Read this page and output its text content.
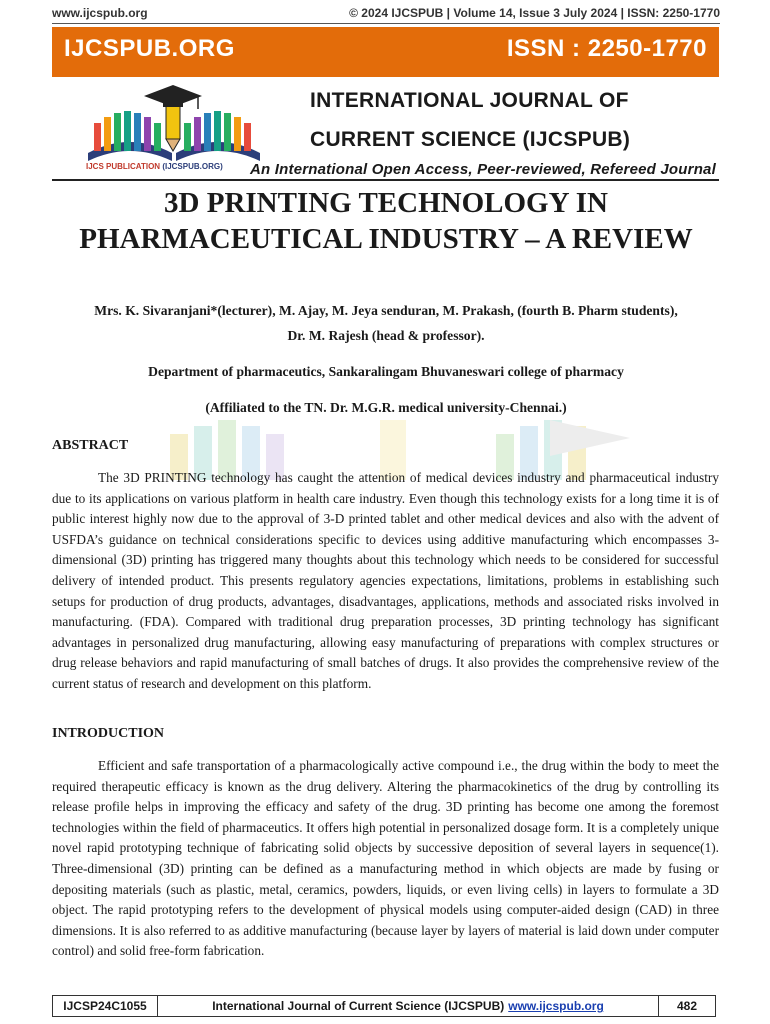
www.ijcspub.org	© 2024 IJCSPUB | Volume 14, Issue 3 July 2024 | ISSN: 2250-1770
IJCSPUB.ORG	ISSN : 2250-1770
IJCS PUBLICATION (IJCSPUB.ORG)
INTERNATIONAL JOURNAL OF
CURRENT SCIENCE (IJCSPUB)
An International Open Access, Peer-reviewed, Refereed Journal
3D PRINTING TECHNOLOGY IN
PHARMACEUTICAL INDUSTRY – A REVIEW
Mrs. K. Sivaranjani*(lecturer), M. Ajay, M. Jeya senduran, M. Prakash, (fourth B. Pharm students),
Dr. M. Rajesh (head & professor).
Department of pharmaceutics, Sankaralingam Bhuvaneswari college of pharmacy
(Affiliated to the TN. Dr. M.G.R. medical university-Chennai.)
ABSTRACT

The 3D PRINTING technology has caught the attention of medical devices industry and pharmaceutical industry due to its applications on various platform in health care industry. Even though this technology exists for a long time it is of public interest highly now due to the approval of 3-D printed tablet and other medical devices and also with the advent of USFDA’s guidance on technical considerations specific to devices using additive manufacturing which encompasses 3-dimensional (3D) printing has triggered many thoughts about this technology which needs to be considered for successful delivery of intended product. This presents regulatory agencies expectations, limitations, problems in establishing such setups for production of drug products, advantages, disadvantages, applications, methods and associated risks involved in manufacturing. (FDA). Compared with traditional drug preparation processes, 3D printing technology has significant advantages in personalized drug manufacturing, allowing easy manufacturing of preparations with complex structures or drug release behaviors and rapid manufacturing of small batches of drugs. It also provides the comprehensive review of the current status of research and development on this platform.

INTRODUCTION

Efficient and safe transportation of a pharmacologically active compound i.e., the drug within the body to meet the required therapeutic efficacy is known as the drug delivery. Altering the pharmacokinetics of the drug by controlling its release profile helps in improving the efficacy and safety of the drug. 3D printing has become one among the foremost technologies within the field of pharmaceutics. It offers high potential in personalized dosage form. It is a completely unique novel rapid prototyping technique of fabricating solid objects by successive deposition of several layers in sequence(1). Three-dimensional (3D) printing can be defined as a manufacturing method in which objects are made by fusing or depositing materials (such as plastic, metal, ceramics, powders, liquids, or even living cells) in layers to formulate a 3D object. The rapid prototyping refers to the development of physical models using computer-aided design (CAD) in three dimensions. It is also referred to as additive manufacturing (because layer by layers of material is laid down under computer control) and solid free-form fabrication.

IJCSP24C1055	International Journal of Current Science (IJCSPUB) www.ijcspub.org	482
